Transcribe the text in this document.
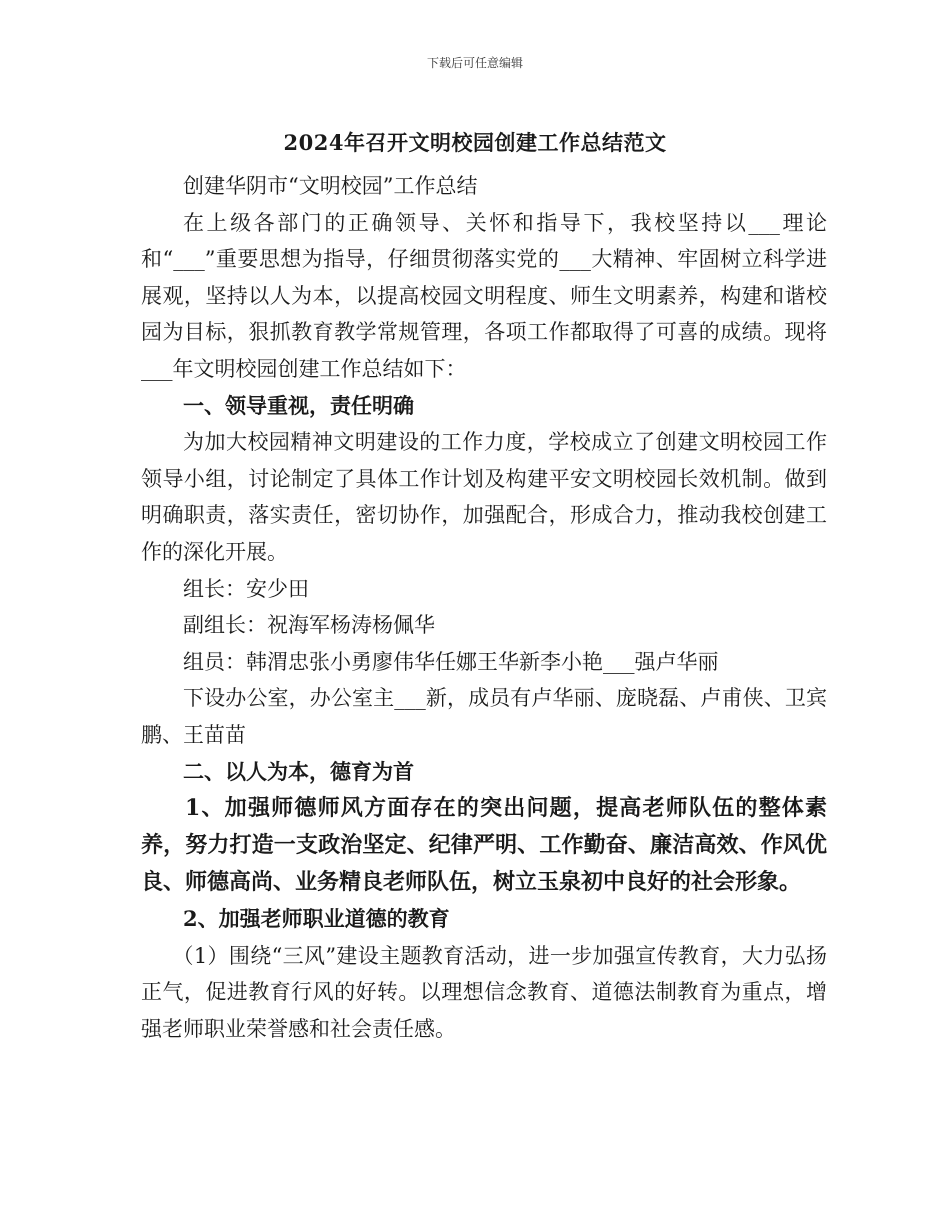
下载后可任意编辑
2024年召开文明校园创建工作总结范文

创建华阴市“文明校园”工作总结

在上级各部门的正确领导、关怀和指导下，我校坚持以___理论和“___”重要思想为指导，仔细贯彻落实党的___大精神、牢固树立科学进展观，坚持以人为本，以提高校园文明程度、师生文明素养，构建和谐校园为目标，狠抓教育教学常规管理，各项工作都取得了可喜的成绩。现将___年文明校园创建工作总结如下：

一、领导重视，责任明确

为加大校园精神文明建设的工作力度，学校成立了创建文明校园工作领导小组，讨论制定了具体工作计划及构建平安文明校园长效机制。做到明确职责，落实责任，密切协作，加强配合，形成合力，推动我校创建工作的深化开展。

组长：安少田

副组长：祝海军杨涛杨佩华

组员：韩渭忠张小勇廖伟华任娜王华新李小艳___强卢华丽

下设办公室，办公室主___新，成员有卢华丽、庞晓磊、卢甫侠、卫宾鹏、王苗苗

二、以人为本，德育为首

1、加强师德师风方面存在的突出问题，提高老师队伍的整体素养，努力打造一支政治坚定、纪律严明、工作勤奋、廉洁高效、作风优良、师德高尚、业务精良老师队伍，树立玉泉初中良好的社会形象。

2、加强老师职业道德的教育

（1）围绕“三风”建设主题教育活动，进一步加强宣传教育，大力弘扬正气，促进教育行风的好转。以理想信念教育、道德法制教育为重点，增强老师职业荣誉感和社会责任感。
